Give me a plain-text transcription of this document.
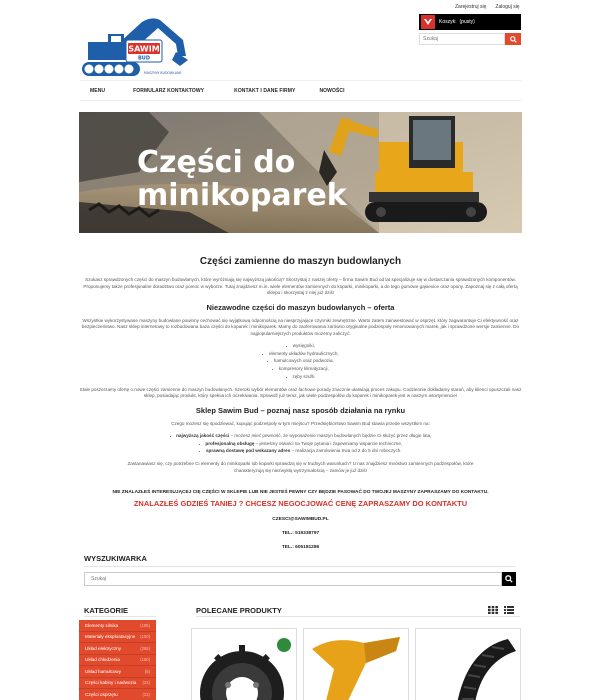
Zarejestruj się Zaloguj się
SAWIM
BUD
MASZYNY BUDOWLANE
Koszyk: (pusty)
Szukaj
MENU	FORMULARZ KONTAKTOWY	KONTAKT I DANE FIRMY	NOWOŚCI
Części do
minikoparek
Części zamienne do maszyn budowlanych
Szukasz sprawdzonych części do maszyn budowlanych, które wyróżniają się najwyższą jakością? Skorzystaj z naszej oferty – firma Sawim Bud od lat specjalizuje się w dostarczaniu sprawdzonych komponentów. Proponujemy także profesjonalne doradztwo oraz pomoc w wyborze. Tutaj znajdziesz m.in. wiele elementów zamiennych do koparki, minikoparki, a do tego gumowe gąsienice oraz opony. Zapoznaj się z całą ofertą sklepu i skorzystaj z niej już dziś!
Niezawodne części do maszyn budowlanych – oferta
Wszystkie wykorzystywane maszyny budowlane powinny cechować się wyjątkową odpornością na niesprzyjające czynniki zewnętrzne. Warto zatem zainwestować w osprzęt, który zagwarantuje Ci efektywność oraz bezpieczeństwo. Nasz sklep internetowy to rozbudowana baza części do koparek i minikoparek. Mamy do zaoferowania zarówno oryginalne podzespoły renomowanych marek, jak i sprawdzone wersje zamienne. Do najpopularniejszych produktów możemy zaliczyć:
• wysięgniki,
• elementy układów hydraulicznych,
• hamulcowych oraz podwozia,
• kompresory klimatyzacji,
• zęby szufli.
Stale poszerzamy ofertę o nowe części zamienne do maszyn budowlanych. Szeroki wybór elementów oraz fachowe porady znacznie ułatwiają proces zakupu. Codziennie dokładamy starań, aby klienci opuszczali nasz sklep, posiadając produkt, który spełnia ich oczekiwania. Sprawdź już teraz, jak wiele podzespołów do koparek i minikoparek jest w naszym asortymencie!
Sklep Sawim Bud – poznaj nasz sposób działania na rynku
Czego możesz się spodziewać, kupując podzespoły w tym miejscu? Przedsiębiorstwo Sawim Bud stawia przede wszystkim na:
• najwyższą jakość części – możesz mieć pewność, że wyposażenie maszyn budowlanych będzie Ci służyć przez długie lata,
• profesjonalną obsługę – jesteśmy otwarci na Twoje pytania i zapewniamy wsparcie techniczne,
• sprawną dostawę pod wskazany adres – realizacja zamówienia trwa od 2 do 5 dni roboczych.
Zastanawiasz się, czy potrzebne Ci elementy do minikoparki lub koparki sprawdzą się w trudnych warunkach? U nas znajdziesz mnóstwo zamiennych podzespołów, które charakteryzują się niezwykłą wytrzymałością – zamów je już dziś!
NIE ZNALAZŁEŚ INTERESUJĄCEJ CIĘ CZĘŚCI W SKLEPIE LUB NIE JESTEŚ PEWNY CZY BĘDZIE PASOWAĆ DO TWOJEJ MASZYNY ZAPRASZAMY DO KONTAKTU.
ZNALAZŁEŚ GDZIEŚ TANIEJ ? CHCESZ NEGOCJOWAĆ CENĘ ZAPRASZAMY DO KONTAKTU
CZESCI@SAWIMBUD.PL
TEL.: 519338797
TEL.: 605181286
WYSZUKIWARKA
Szukaj
KATEGORIE
Elementy silnika	(185)
Materiały eksploatacyjne (150)
Układ elektryczny	(265)
Układ chłodzenia	(160)
Układ hamulcowy	(5)
Części kabiny i nadwozia (24)
Części osprzętu	(21)
POLECANE PRODUKTY
